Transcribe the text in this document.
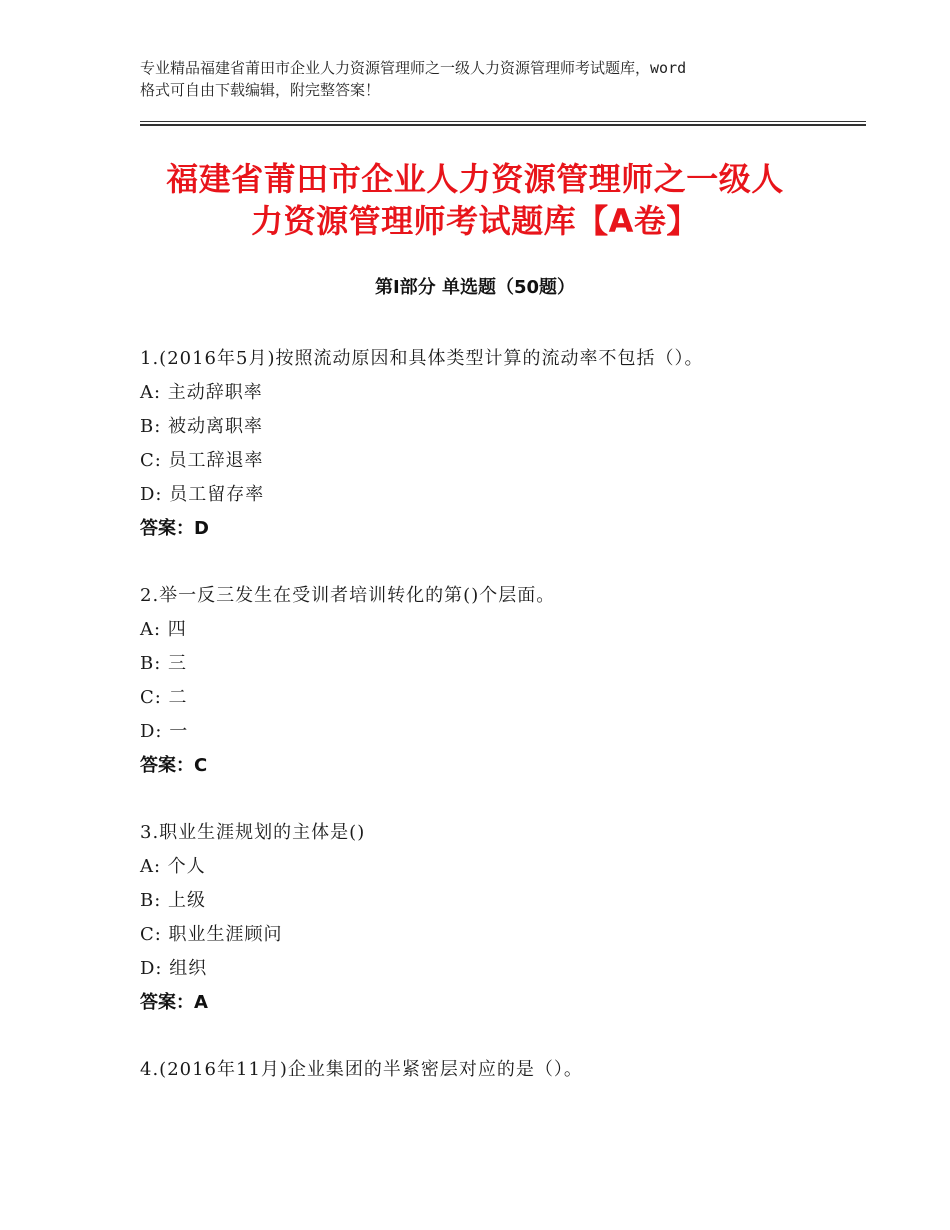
专业精品福建省莆田市企业人力资源管理师之一级人力资源管理师考试题库，word
格式可自由下载编辑，附完整答案！
福建省莆田市企业人力资源管理师之一级人
力资源管理师考试题库【A卷】
第Ⅰ部分 单选题（50题）
1.(2016年5月)按照流动原因和具体类型计算的流动率不包括（）。
A: 主动辞职率
B: 被动离职率
C: 员工辞退率
D: 员工留存率
答案：D
2.举一反三发生在受训者培训转化的第()个层面。
A: 四
B: 三
C: 二
D: 一
答案：C
3.职业生涯规划的主体是()
A: 个人
B: 上级
C: 职业生涯顾问
D: 组织
答案：A
4.(2016年11月)企业集团的半紧密层对应的是（）。
